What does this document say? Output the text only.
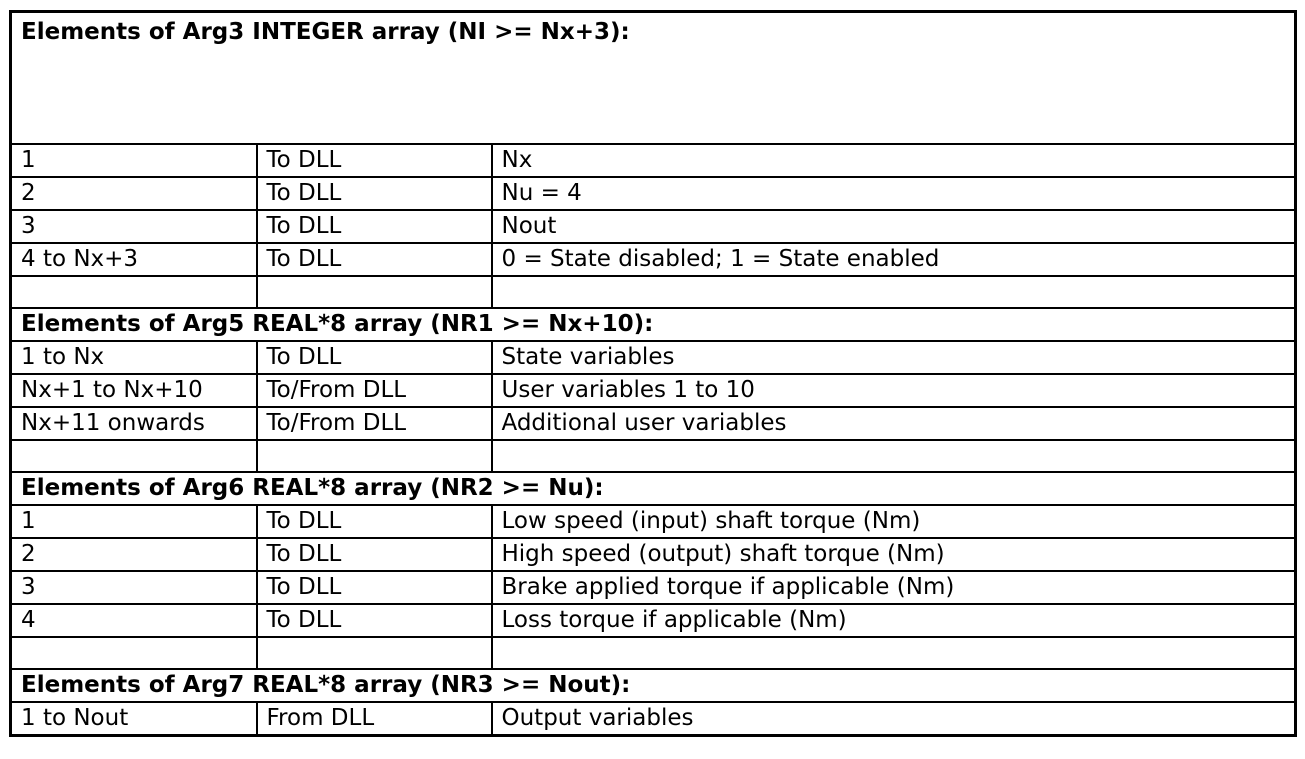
Elements of Arg3 INTEGER array (NI >= Nx+3):		
1	To DLL	Nx
2	To DLL	Nu = 4
3	To DLL	Nout
4 to Nx+3	To DLL	0 = State disabled; 1 = State enabled

Elements of Arg5 REAL*8 array (NR1 >= Nx+10):		
1 to Nx	To DLL	State variables
Nx+1 to Nx+10	To/From DLL	User variables 1 to 10
Nx+11 onwards	To/From DLL	Additional user variables

Elements of Arg6 REAL*8 array (NR2 >= Nu):		
1	To DLL	Low speed (input) shaft torque (Nm)
2	To DLL	High speed (output) shaft torque (Nm)
3	To DLL	Brake applied torque if applicable (Nm)
4	To DLL	Loss torque if applicable (Nm)

Elements of Arg7 REAL*8 array (NR3 >= Nout):		
1 to Nout	From DLL	Output variables
